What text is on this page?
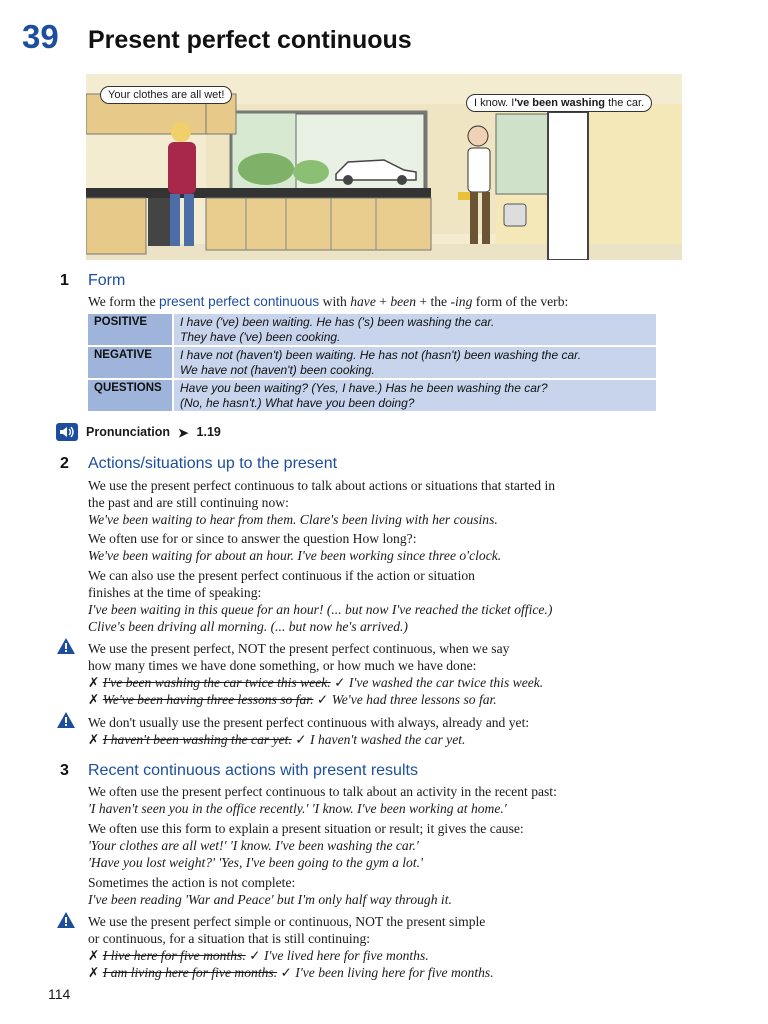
39 Present perfect continuous
Your clothes are all wet!
I know. I've been washing the car.
1 Form
We form the present perfect continuous with have + been + the -ing form of the verb:
POSITIVE	I have ('ve) been waiting. He has ('s) been washing the car.
They have ('ve) been cooking.
NEGATIVE	I have not (haven't) been waiting. He has not (hasn't) been washing the car.
We have not (haven't) been cooking.
QUESTIONS	Have you been waiting? (Yes, I have.) Has he been washing the car?
(No, he hasn't.) What have you been doing?
Pronunciation ➤ 1.19
2 Actions/situations up to the present
We use the present perfect continuous to talk about actions or situations that started in
the past and are still continuing now:
We've been waiting to hear from them. Clare's been living with her cousins.
We often use for or since to answer the question How long?:
We've been waiting for about an hour. I've been working since three o'clock.
We can also use the present perfect continuous if the action or situation
finishes at the time of speaking:
I've been waiting in this queue for an hour! (... but now I've reached the ticket office.)
Clive's been driving all morning. (... but now he's arrived.)
We use the present perfect, NOT the present perfect continuous, when we say
how many times we have done something, or how much we have done:
✗ I've been washing the car twice this week. ✓ I've washed the car twice this week.
✗ We've been having three lessons so far. ✓ We've had three lessons so far.
We don't usually use the present perfect continuous with always, already and yet:
✗ I haven't been washing the car yet. ✓ I haven't washed the car yet.
3 Recent continuous actions with present results
We often use the present perfect continuous to talk about an activity in the recent past:
'I haven't seen you in the office recently.' 'I know. I've been working at home.'
We often use this form to explain a present situation or result; it gives the cause:
'Your clothes are all wet!' 'I know. I've been washing the car.'
'Have you lost weight?' 'Yes, I've been going to the gym a lot.'
Sometimes the action is not complete:
I've been reading 'War and Peace' but I'm only half way through it.
We use the present perfect simple or continuous, NOT the present simple
or continuous, for a situation that is still continuing:
✗ I live here for five months. ✓ I've lived here for five months.
✗ I am living here for five months. ✓ I've been living here for five months.
114
